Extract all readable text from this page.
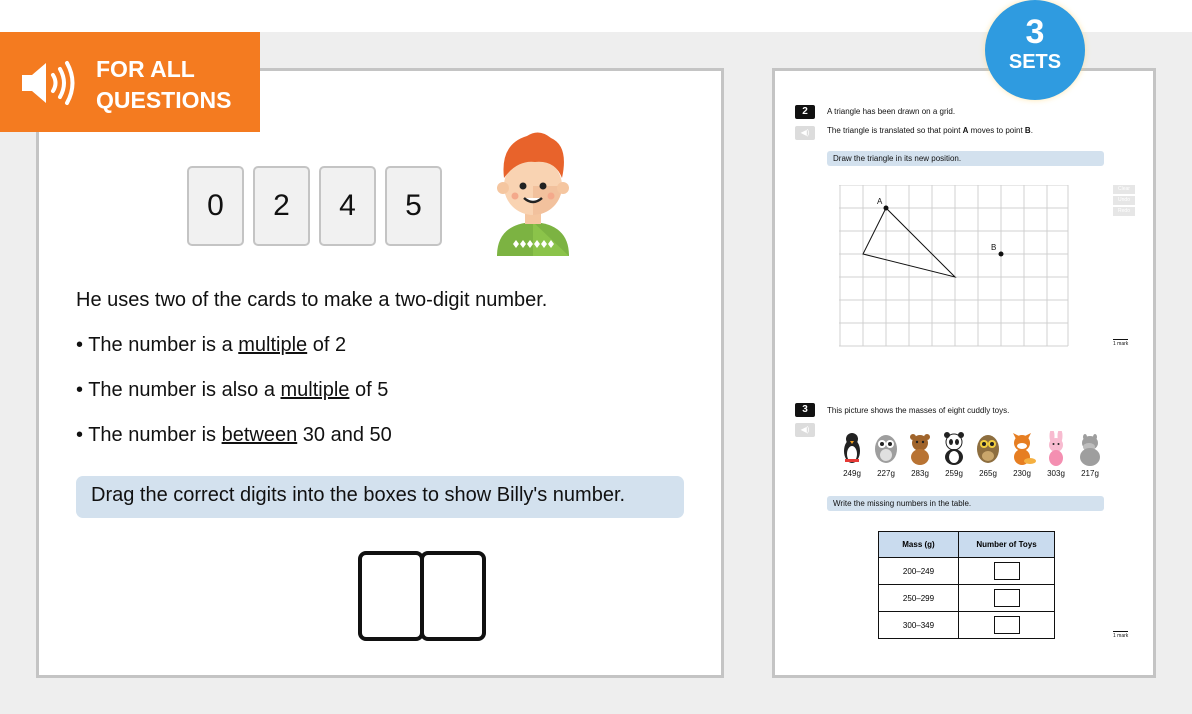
FOR ALL
QUESTIONS
3
SETS
0	2	4	5
He uses two of the cards to make a two-digit number.
• The number is a multiple of 2
• The number is also a multiple of 5
• The number is between 30 and 50
Drag the correct digits into the boxes to show Billy's number.
2	A triangle has been drawn on a grid.
◀)	The triangle is translated so that point A moves to point B.
Draw the triangle in its new position.
A
B
Clear
Undo
Redo
1 mark
3	This picture shows the masses of eight cuddly toys.
◀)
249g	227g	283g	259g	265g	230g	303g	217g
Write the missing numbers in the table.
Mass (g)	Number of Toys
200–249	
250–299	
300–349	
1 mark
